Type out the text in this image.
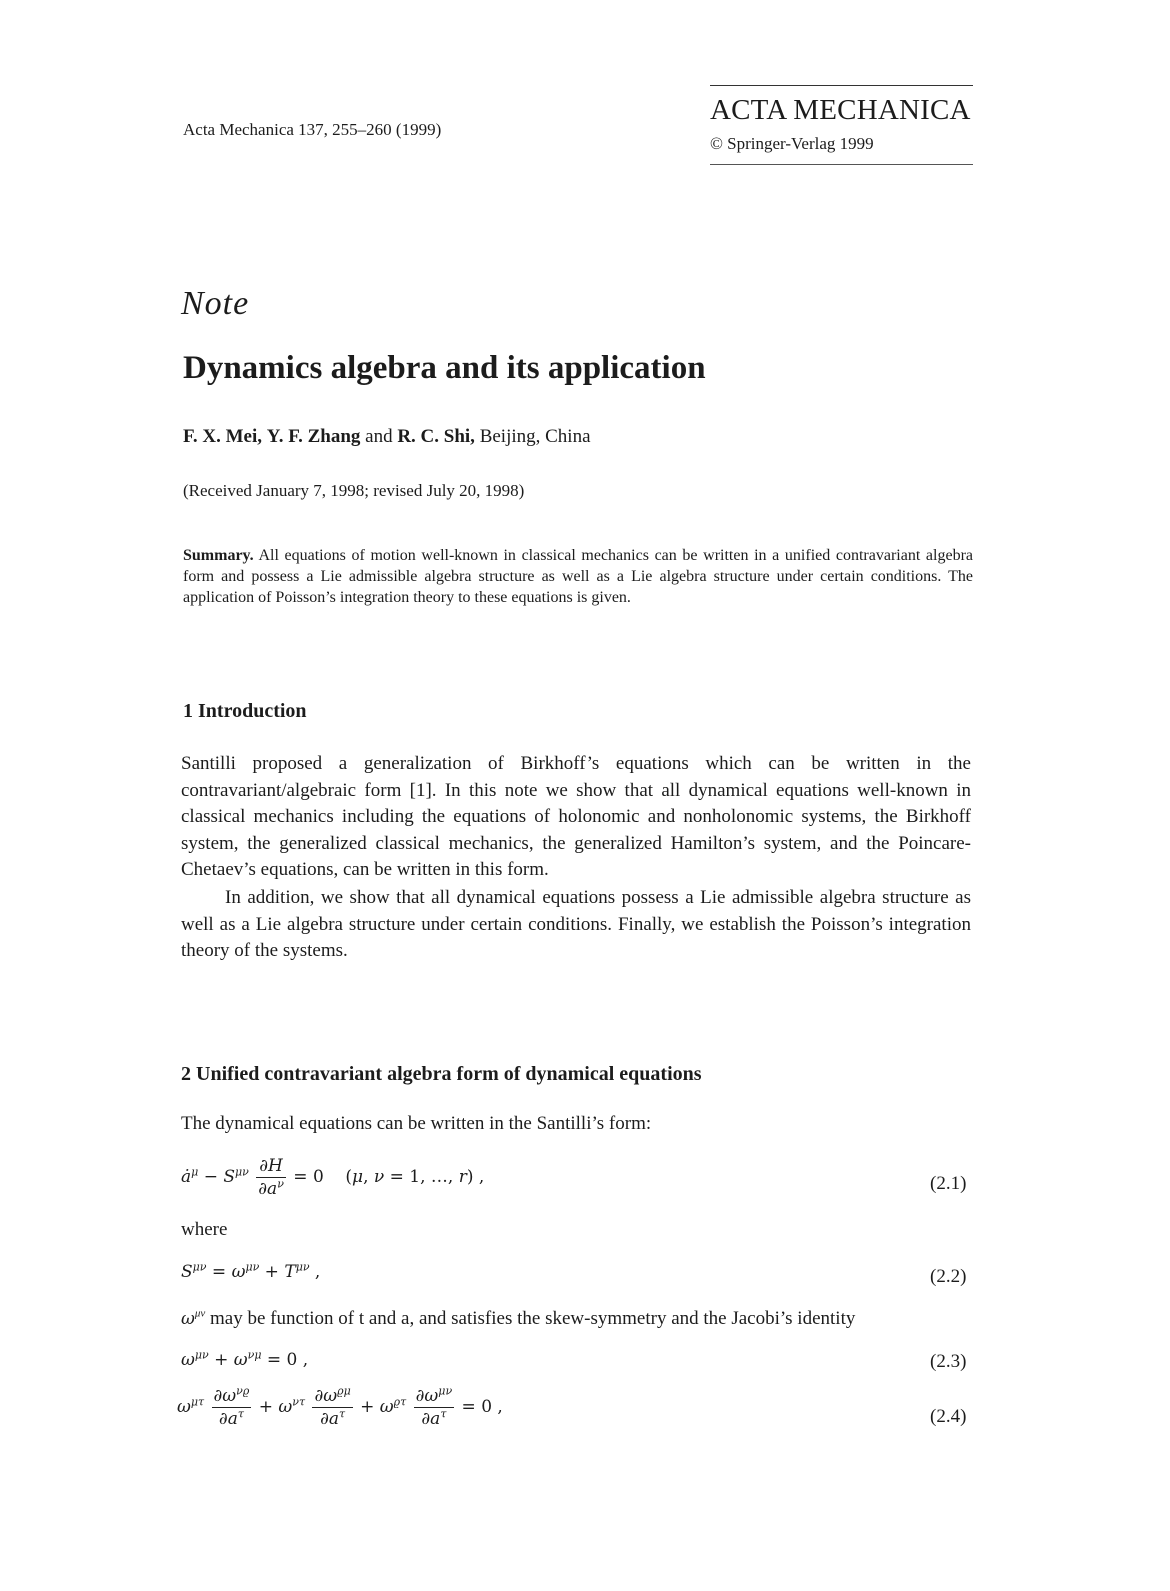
Acta Mechanica 137, 255–260 (1999)
ACTA MECHANICA
© Springer-Verlag 1999
Note
Dynamics algebra and its application
F. X. Mei, Y. F. Zhang and R. C. Shi, Beijing, China
(Received January 7, 1998; revised July 20, 1998)
Summary. All equations of motion well-known in classical mechanics can be written in a unified contravariant algebra form and possess a Lie admissible algebra structure as well as a Lie algebra structure under certain conditions. The application of Poisson’s integration theory to these equations is given.
1 Introduction
Santilli proposed a generalization of Birkhoff’s equations which can be written in the contravariant/algebraic form [1]. In this note we show that all dynamical equations well-known in classical mechanics including the equations of holonomic and nonholonomic systems, the Birkhoff system, the generalized classical mechanics, the generalized Hamilton’s system, and the Poincare-Chetaev’s equations, can be written in this form.
In addition, we show that all dynamical equations possess a Lie admissible algebra structure as well as a Lie algebra structure under certain conditions. Finally, we establish the Poisson’s integration theory of the systems.
2 Unified contravariant algebra form of dynamical equations
The dynamical equations can be written in the Santilli’s form:
$ȧ^\mu - S^{\mu\nu} \frac{\partial H}{\partial a^\nu} = 0$    (μ, ν = 1, …, r) ,	(2.1)
where
$S^{\mu\nu} = \omega^{\mu\nu} + T^{\mu\nu}$ ,	(2.2)
$\omega^{\mu\nu}$ may be function of t and a, and satisfies the skew-symmetry and the Jacobi’s identity
$\omega^{\mu\nu} + \omega^{\nu\mu} = 0$ ,	(2.3)
$\omega^{\mu\tau} \frac{\partial\omega^{\nu ϱ}}{\partial a^\tau} + \omega^{\nu\tau} \frac{\partial\omega^{ϱ\mu}}{\partial a^\tau} + \omega^{ϱ\tau} \frac{\partial\omega^{\mu\nu}}{\partial a^\tau} = 0$ ,	(2.4)
